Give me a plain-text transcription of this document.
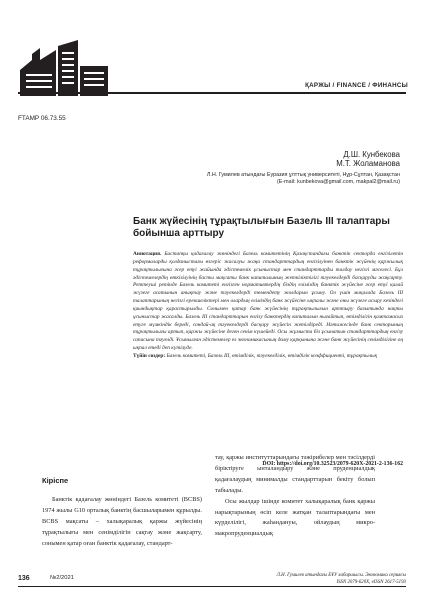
ҚАРЖЫ / FINANCE / ФИНАНСЫ
FTAMP 06.73.55
Д.Ш. Кунбекова
М.Т. Жоламанова
Л.Н. Гумилев атындағы Еуразия ұлттық университеті, Нұр-Сұлтан, Қазақстан
(E-mail: kunbekova@gmail.com, makpal2@mail.ru)
Банк жүйесінің тұрақтылығын Базель III талаптары бойынша арттыру
Аннотация. Бастапқы қадағалау жөніндегі Базель комитетінің Қазақстандағы банктік секторда енгізілетін реформаларды қолданыстағы өзгеріс жасалуы жаңа стандарттардың енгізілуінен банктік жүйенің қаржылық тұрақтылығына әсер етуі жайында әдістемелік ұсыныстар мен стандарттарды талдау негізгі мәселесі. Бұл әдістемелердің өткізілуінің басты мақсаты банк капиталының жеткіліктілігі тәуекелдерді басқаруды жақсарту. Реттеуші ретінде Базель комитеті енгізген нормативтердің біздің еліміздің банктік жүйесіне әсер етуі қалай жүзеге асатынын анықтау және тәуекелдерді төмендету жолдарын ұсыну. Ол үшін мақалада Базель III талаптарының негізгі ерекшеліктері мен олардың еліміздің банк жүйесіне ықпалы және оны жүзеге асыру кезіндегі қиындықтар қарастырылды. Сонымен қатар банк жүйесінің тұрақтылығын арттыру бағытында нақты ұсыныстар жасалды. Базель III стандарттарын енгізу банктердің капиталын нығайтып, өтімділігін қамтамасыз етуге мүмкіндік береді, сондай-ақ тәуекелдерді басқару жүйесін жетілдіреді. Нәтижесінде банк секторының тұрақтылығы артып, қаржы жүйесіне деген сенім күшейеді. Осы жұмыста біз ұсынатын стандарттардың енгізу сапасына тәуелді. Ұсынылған әдістемелер ел экономикасының даму қарқынына және банк жүйесінің сенімділігіне оң ықпал етеді деп күтілуде.
Түйін сөздер: Базель комитеті, Базель III, өтімділік, тәуекелділік, өтімділік коэффициенті, тұрақтылық
DOI: https://doi.org/10.32523/2079-620X-2021-2-136-162
Кіріспе

Банктік қадағалау жөніндегі Базель комитеті (BCBS) 1974 жылы G10 орталық банктің басшыларымен құрылды. BCBS мақсаты – халықаралық қаржы жүйесінің тұрақтылығы мен сенімділігін сақтау және жақсарту, сонымен қатар оған банктік қадағалау, стандарт-

тау, қаржы институттарындағы тәжірибелер мен тәсілдерді біріктіруге ынталандыру және пруденциалдық қадағалаудың минималды стандарттарын бекіту болып табылады.

Осы жылдар ішінде комитет халықаралық банк қаржы нарықтарының өсіп келе жатқан талаптарындағы мен күрделілігі, жаһандануы, ойлаудың микро-макропруденциалдық

136	№2/2021	Л.Н. Гумилев атындағы ЕҰУ хабаршысы. Экономика сериясы
ISSN 2079-620X, eISSN 2617-5193
